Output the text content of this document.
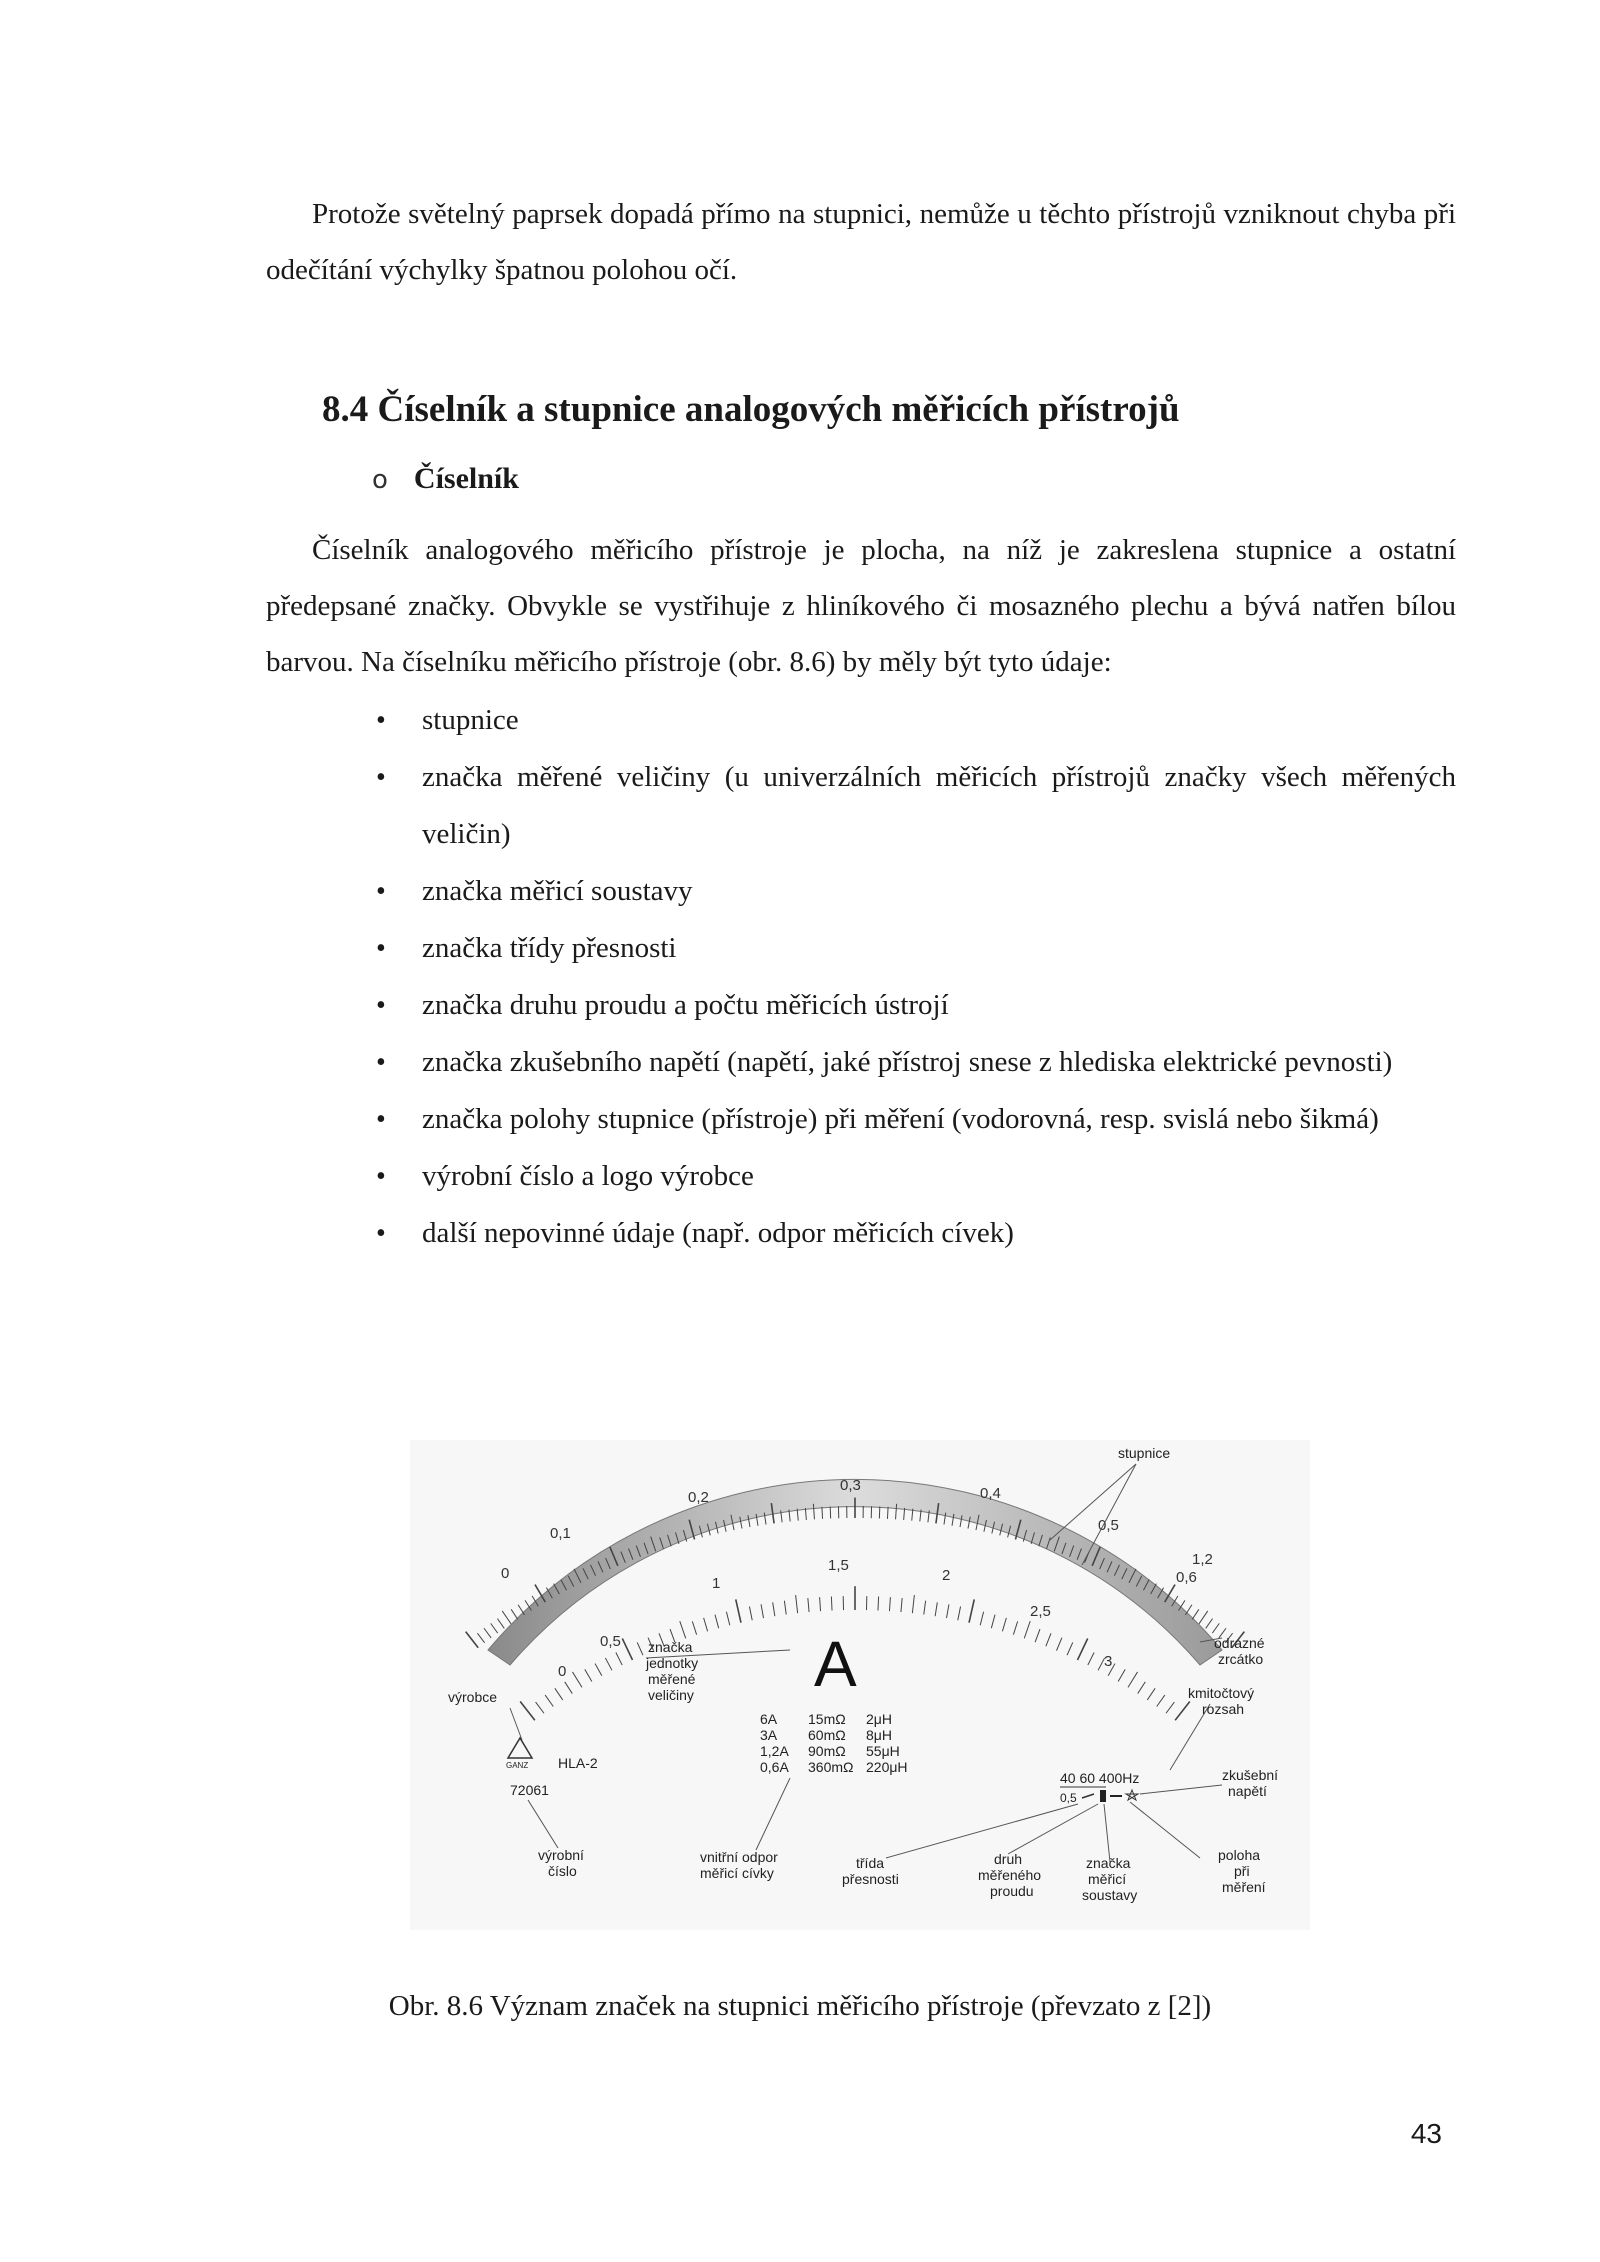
Protože světelný paprsek dopadá přímo na stupnici, nemůže u těchto přístrojů vzniknout chyba při odečítání výchylky špatnou polohou očí.

8.4 Číselník a stupnice analogových měřicích přístrojů
o Číselník

Číselník analogového měřicího přístroje je plocha, na níž je zakreslena stupnice a ostatní předepsané značky. Obvykle se vystřihuje z hliníkového či mosazného plechu a bývá natřen bílou barvou. Na číselníku měřicího přístroje (obr. 8.6) by měly být tyto údaje:

• stupnice
• značka měřené veličiny (u univerzálních měřicích přístrojů značky všech měřených veličin)
• značka měřicí soustavy
• značka třídy přesnosti
• značka druhu proudu a počtu měřicích ústrojí
• značka zkušebního napětí (napětí, jaké přístroj snese z hlediska elektrické pevnosti)
• značka polohy stupnice (přístroje) při měření (vodorovná, resp. svislá nebo šikmá)
• výrobní číslo a logo výrobce
• další nepovinné údaje (např. odpor měřicích cívek)
0
0,1
0,2
0,3	0,4
0,5
0,6
1,2
0
0,5
1
1,5
2
2,5
3
A
6A 15mΩ 2μH
3A 60mΩ 8μH
1,2A 90mΩ 55μH
0,6A 360mΩ 220μH
GANZ HLA-2
72061
40 60 400Hz
0,5
stupnice
odrazné
zrcátko
výrobce
značka
jednotky
měřené
veličiny	kmitočtový
rozsah
zkušební
napětí
výrobní
číslo
vnitřní odpor
měřicí cívky
třída
přesnosti
druh
měřeného
proudu
značka
měřicí
soustavy
poloha
při
měření
Obr. 8.6 Význam značek na stupnici měřicího přístroje (převzato z [2])
43
